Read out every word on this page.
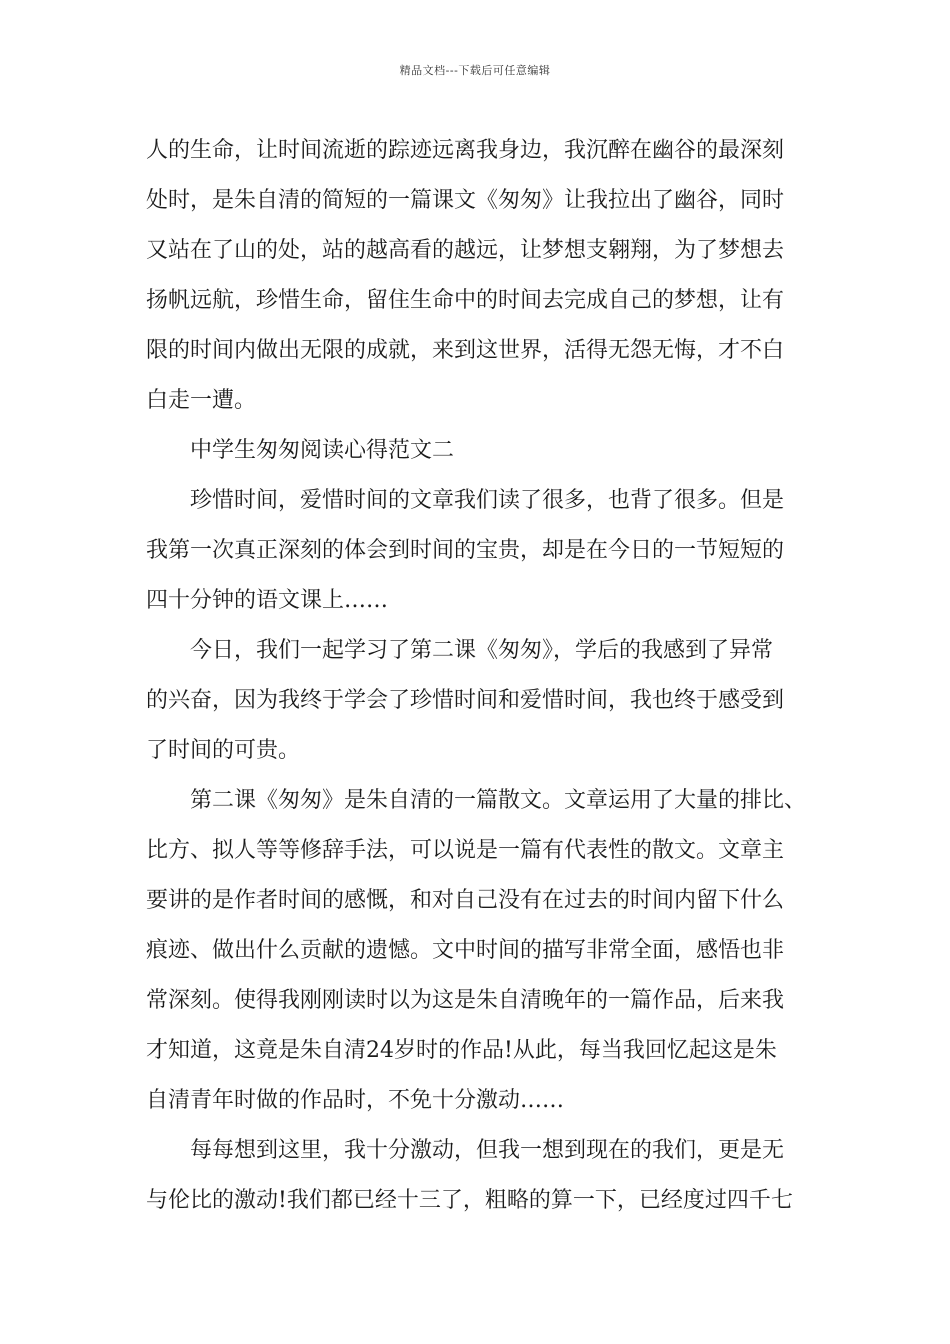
精品文档---下载后可任意编辑
人的生命，让时间流逝的踪迹远离我身边，我沉醉在幽谷的最深刻
处时，是朱自清的简短的一篇课文《匆匆》让我拉出了幽谷，同时
又站在了山的处，站的越高看的越远，让梦想支翱翔，为了梦想去
扬帆远航，珍惜生命，留住生命中的时间去完成自己的梦想，让有
限的时间内做出无限的成就，来到这世界，活得无怨无悔，才不白
白走一遭。
中学生匆匆阅读心得范文二
珍惜时间，爱惜时间的文章我们读了很多，也背了很多。但是
我第一次真正深刻的体会到时间的宝贵，却是在今日的一节短短的
四十分钟的语文课上……
今日，我们一起学习了第二课《匆匆》，学后的我感到了异常
的兴奋，因为我终于学会了珍惜时间和爱惜时间，我也终于感受到
了时间的可贵。
第二课《匆匆》是朱自清的一篇散文。文章运用了大量的排比、
比方、拟人等等修辞手法，可以说是一篇有代表性的散文。文章主
要讲的是作者时间的感慨，和对自己没有在过去的时间内留下什么
痕迹、做出什么贡献的遗憾。文中时间的描写非常全面，感悟也非
常深刻。使得我刚刚读时以为这是朱自清晚年的一篇作品，后来我
才知道，这竟是朱自清24岁时的作品!从此，每当我回忆起这是朱
自清青年时做的作品时，不免十分激动……
每每想到这里，我十分激动，但我一想到现在的我们，更是无
与伦比的激动!我们都已经十三了，粗略的算一下，已经度过四千七
